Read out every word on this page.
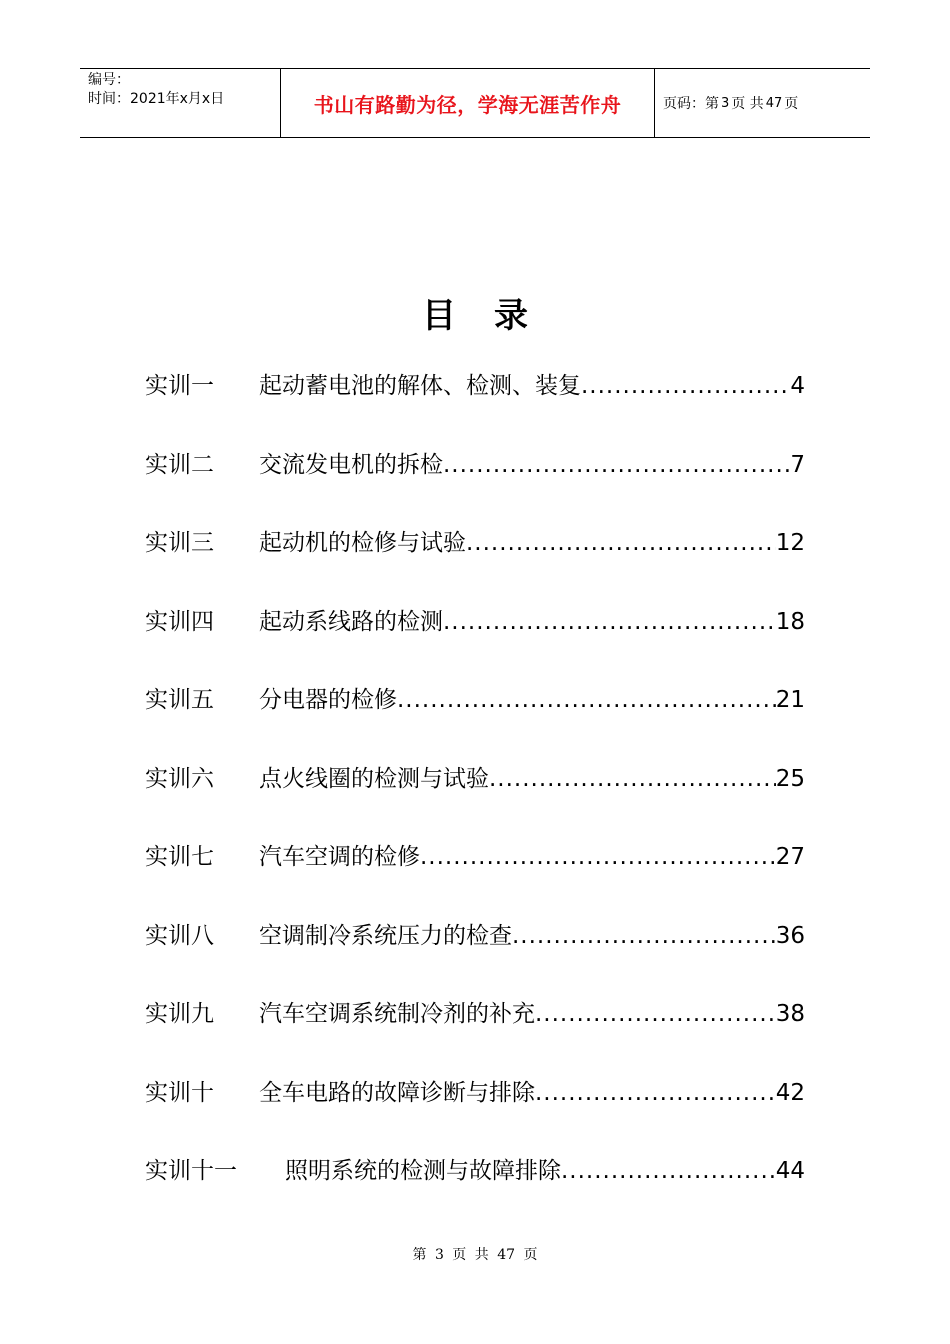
编号：
时间：2021年x月x日	书山有路勤为径，学海无涯苦作舟	页码：第 3 页 共 47 页
目录
实训一 起动蓄电池的解体、检测、装复 .....	4
实训二 交流发电机的拆检 .....	7
实训三 起动机的检修与试验 .....	12
实训四 起动系线路的检测 .....	18
实训五 分电器的检修 .....	21
实训六 点火线圈的检测与试验 .....	25
实训七 汽车空调的检修 .....	27
实训八 空调制冷系统压力的检查 .....	36
实训九 汽车空调系统制冷剂的补充 .....	38
实训十 全车电路的故障诊断与排除 .....	42
实训十一 照明系统的检测与故障排除 .....	44
第 3 页 共 47 页
